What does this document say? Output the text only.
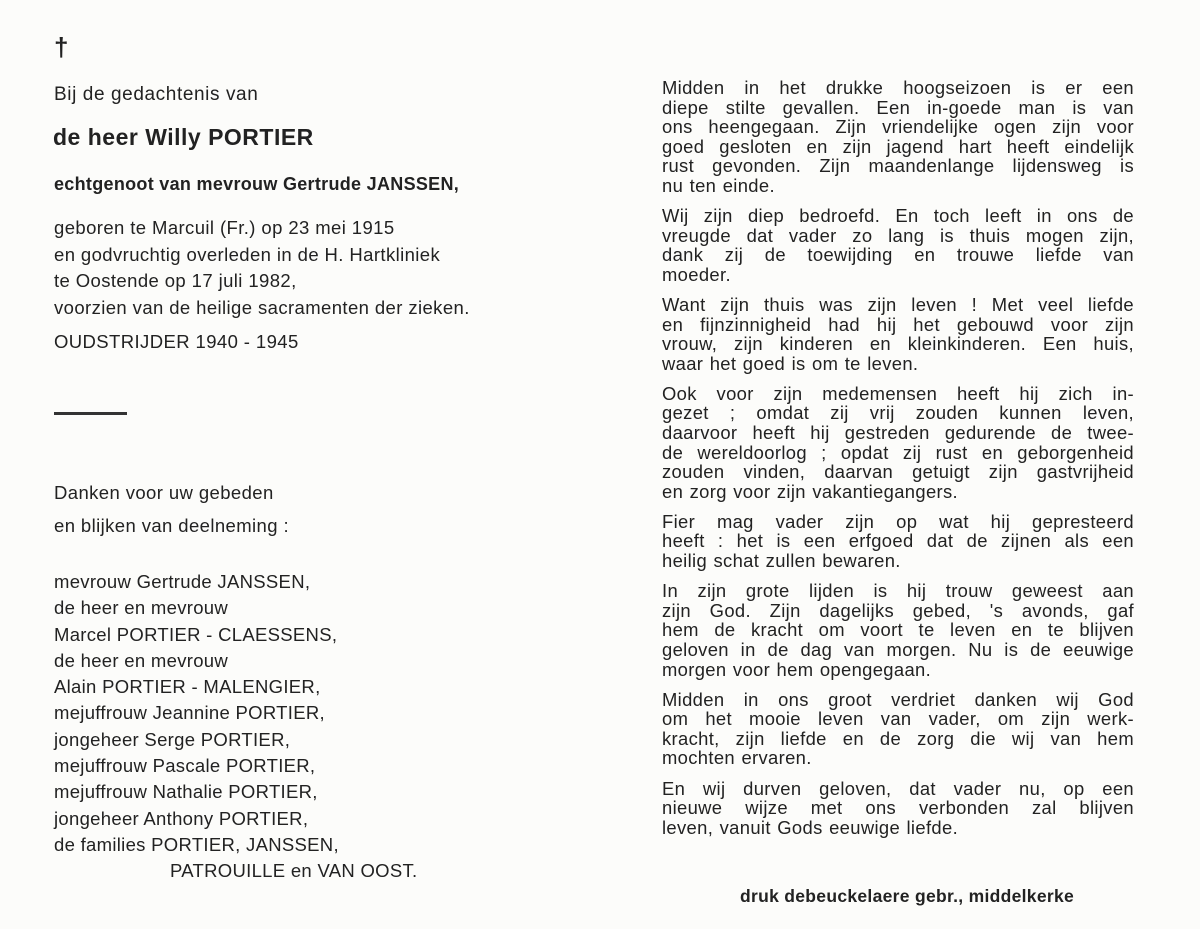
†
Bij de gedachtenis van
de heer Willy PORTIER
echtgenoot van mevrouw Gertrude JANSSEN,
geboren te Marcuil (Fr.) op 23 mei 1915
en godvruchtig overleden in de H. Hartkliniek
te Oostende op 17 juli 1982,
voorzien van de heilige sacramenten der zieken.
OUDSTRIJDER 1940 - 1945
Danken voor uw gebeden
en blijken van deelneming :
mevrouw Gertrude JANSSEN,
de heer en mevrouw
Marcel PORTIER - CLAESSENS,
de heer en mevrouw
Alain PORTIER - MALENGIER,
mejuffrouw Jeannine PORTIER,
jongeheer Serge PORTIER,
mejuffrouw Pascale PORTIER,
mejuffrouw Nathalie PORTIER,
jongeheer Anthony PORTIER,
de families PORTIER, JANSSEN,
PATROUILLE en VAN OOST.
Midden in het drukke hoogseizoen is er een
diepe stilte gevallen. Een in-goede man is van
ons heengegaan. Zijn vriendelijke ogen zijn voor
goed gesloten en zijn jagend hart heeft eindelijk
rust gevonden. Zijn maandenlange lijdensweg is
nu ten einde.
Wij zijn diep bedroefd. En toch leeft in ons de
vreugde dat vader zo lang is thuis mogen zijn,
dank zij de toewijding en trouwe liefde van
moeder.
Want zijn thuis was zijn leven ! Met veel liefde
en fijnzinnigheid had hij het gebouwd voor zijn
vrouw, zijn kinderen en kleinkinderen. Een huis,
waar het goed is om te leven.
Ook voor zijn medemensen heeft hij zich in-
gezet ; omdat zij vrij zouden kunnen leven,
daarvoor heeft hij gestreden gedurende de twee-
de wereldoorlog ; opdat zij rust en geborgenheid
zouden vinden, daarvan getuigt zijn gastvrijheid
en zorg voor zijn vakantiegangers.
Fier mag vader zijn op wat hij gepresteerd
heeft : het is een erfgoed dat de zijnen als een
heilig schat zullen bewaren.
In zijn grote lijden is hij trouw geweest aan
zijn God. Zijn dagelijks gebed, 's avonds, gaf
hem de kracht om voort te leven en te blijven
geloven in de dag van morgen. Nu is de eeuwige
morgen voor hem opengegaan.
Midden in ons groot verdriet danken wij God
om het mooie leven van vader, om zijn werk-
kracht, zijn liefde en de zorg die wij van hem
mochten ervaren.
En wij durven geloven, dat vader nu, op een
nieuwe wijze met ons verbonden zal blijven
leven, vanuit Gods eeuwige liefde.
druk debeuckelaere gebr., middelkerke
